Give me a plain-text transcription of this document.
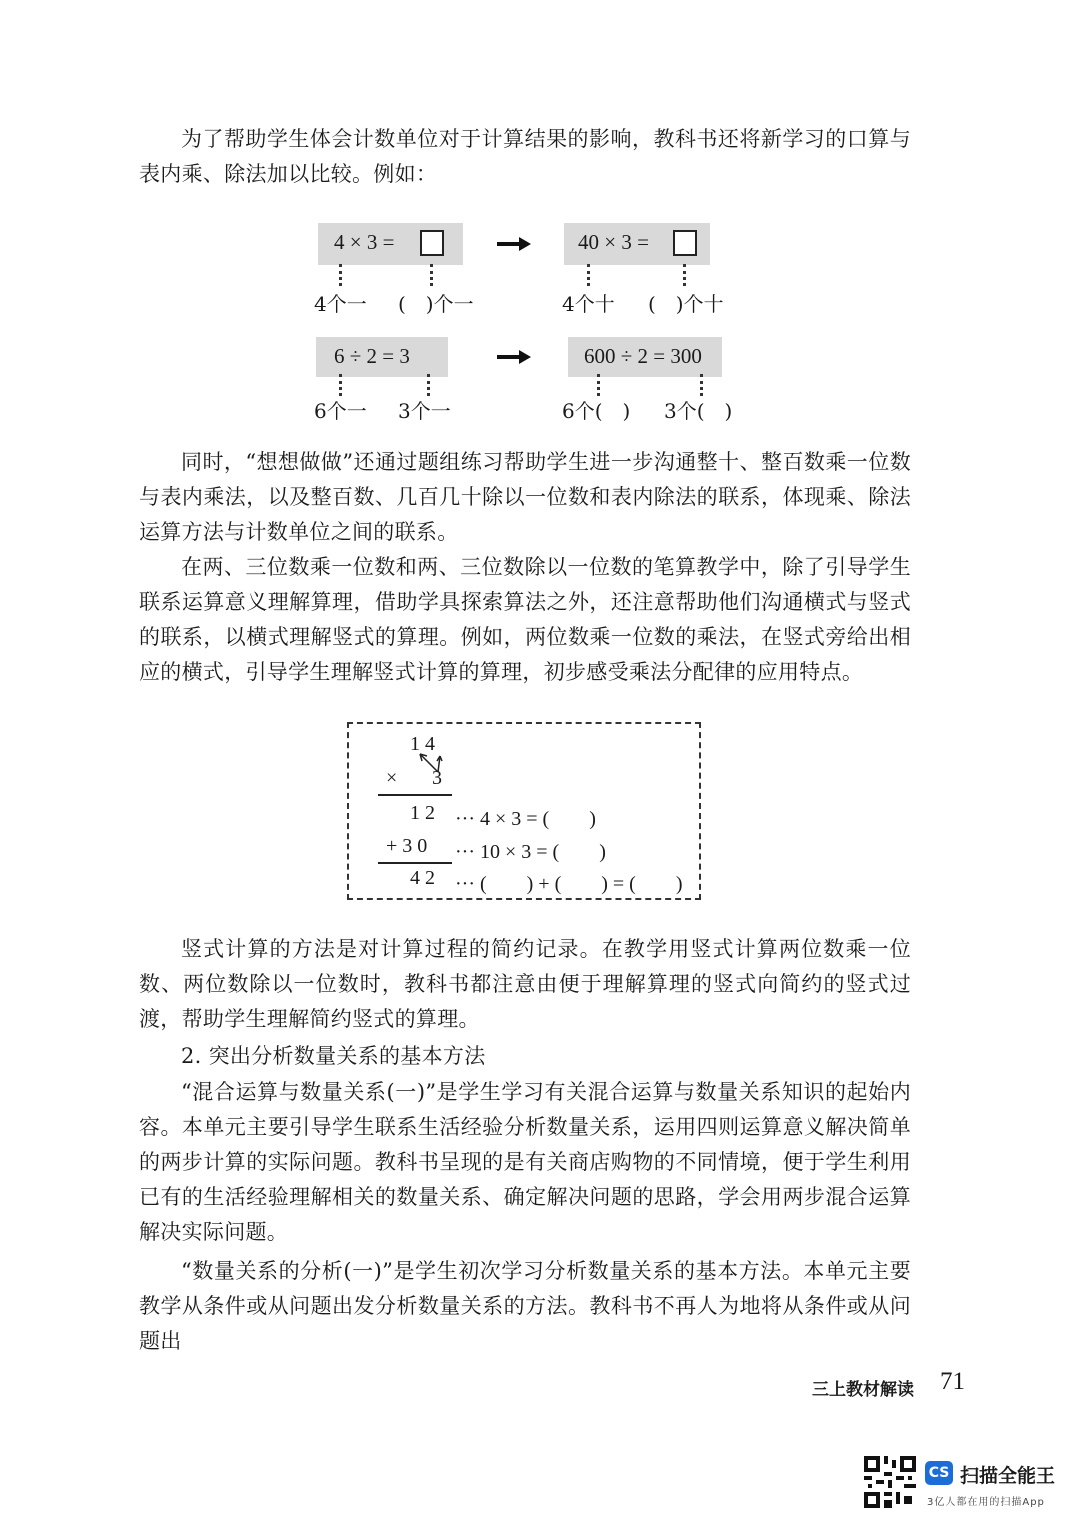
为了帮助学生体会计数单位对于计算结果的影响，教科书还将新学习的口算与表内乘、除法加以比较。例如：

4 × 3 =
4个一 (　)个一
40 × 3 =
4个十 (　)个十
6 ÷ 2 = 3
6个一 3个一
600 ÷ 2 = 300
6个(　) 3个(　)

同时，“想想做做”还通过题组练习帮助学生进一步沟通整十、整百数乘一位数与表内乘法，以及整百数、几百几十除以一位数和表内除法的联系，体现乘、除法运算方法与计数单位之间的联系。

在两、三位数乘一位数和两、三位数除以一位数的笔算教学中，除了引导学生联系运算意义理解算理，借助学具探索算法之外，还注意帮助他们沟通横式与竖式的联系，以横式理解竖式的算理。例如，两位数乘一位数的乘法，在竖式旁给出相应的横式，引导学生理解竖式计算的算理，初步感受乘法分配律的应用特点。

1 4
× 3
1 2 ··· 4 × 3 = (　　)
+ 3 0 ··· 10 × 3 = (　　)
4 2 ··· (　　) + (　　) = (　　)

竖式计算的方法是对计算过程的简约记录。在教学用竖式计算两位数乘一位数、两位数除以一位数时，教科书都注意由便于理解算理的竖式向简约的竖式过渡，帮助学生理解简约竖式的算理。

2. 突出分析数量关系的基本方法

“混合运算与数量关系(一)”是学生学习有关混合运算与数量关系知识的起始内容。本单元主要引导学生联系生活经验分析数量关系，运用四则运算意义解决简单的两步计算的实际问题。教科书呈现的是有关商店购物的不同情境，便于学生利用已有的生活经验理解相关的数量关系、确定解决问题的思路，学会用两步混合运算解决实际问题。

“数量关系的分析(一)”是学生初次学习分析数量关系的基本方法。本单元主要教学从条件或从问题出发分析数量关系的方法。教科书不再人为地将从条件或从问题出

三上教材解读 71
CS 扫描全能王
3亿人都在用的扫描App
